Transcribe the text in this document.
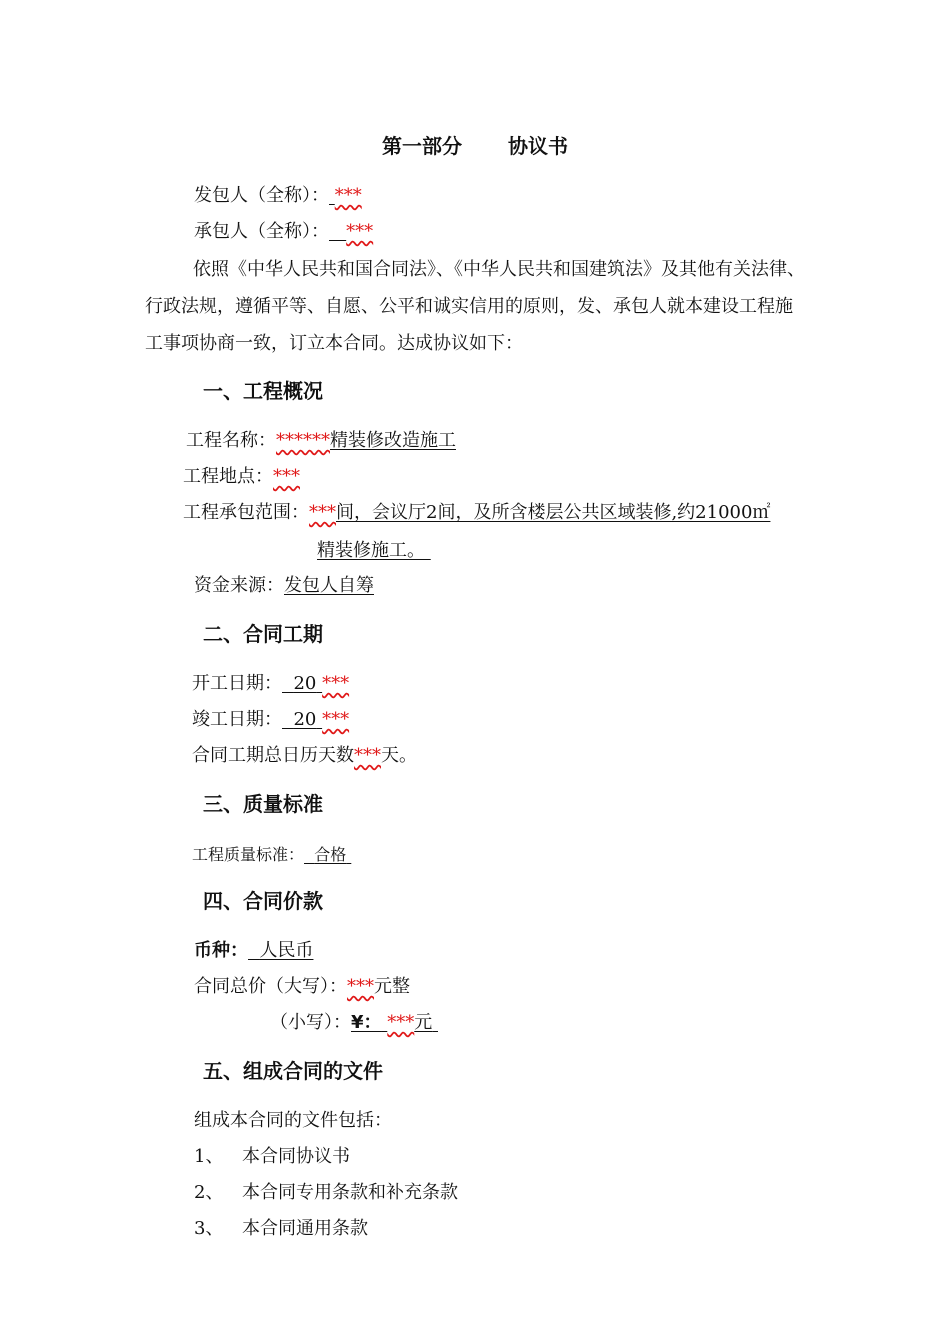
第一部分 协议书
发包人（全称）： ***
承包人（全称）： ***
依照《中华人民共和国合同法》、《中华人民共和国建筑法》及其他有关法律、行政法规，遵循平等、自愿、公平和诚实信用的原则，发、承包人就本建设工程施工事项协商一致，订立本合同。达成协议如下：
一、工程概况
工程名称：******精装修改造施工
工程地点：***
工程承包范围：***间，会议厅2间，及所含楼层公共区域装修,约21000㎡
精装修施工。
资金来源：发包人自筹
二、合同工期
开工日期： 20 ***
竣工日期： 20 ***
合同工期总日历天数***天。
三、质量标准
工程质量标准： 合格
四、合同价款
币种： 人民币
合同总价（大写）：***元整
（小写）：¥： ***元
五、组成合同的文件
组成本合同的文件包括：
1、 本合同协议书
2、 本合同专用条款和补充条款
3、 本合同通用条款
